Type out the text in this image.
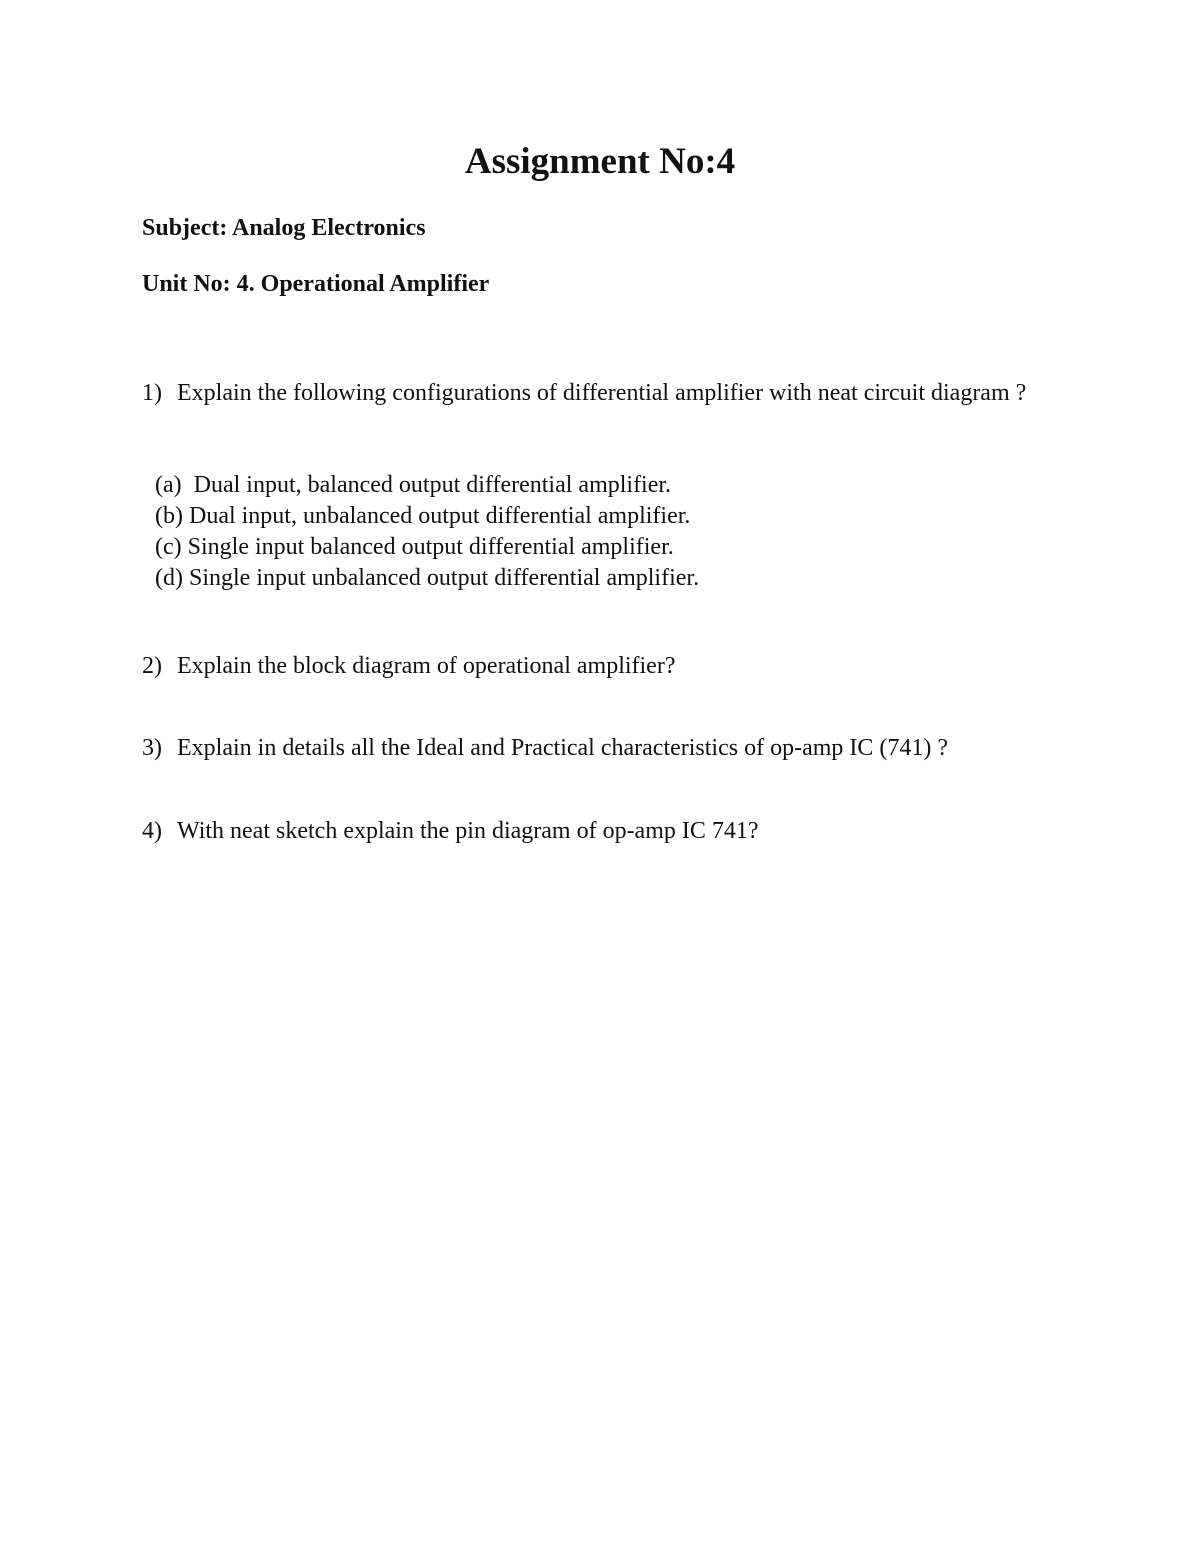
Assignment No:4

Subject: Analog Electronics

Unit No: 4. Operational Amplifier

1) Explain the following configurations of differential amplifier with neat circuit diagram ?
(a)  Dual input, balanced output differential amplifier.
(b) Dual input, unbalanced output differential amplifier.
(c) Single input balanced output differential amplifier.
(d) Single input unbalanced output differential amplifier.
2) Explain the block diagram of operational amplifier?
3) Explain in details all the Ideal and Practical characteristics of op-amp IC (741) ?
4) With neat sketch explain the pin diagram of op-amp IC 741?
